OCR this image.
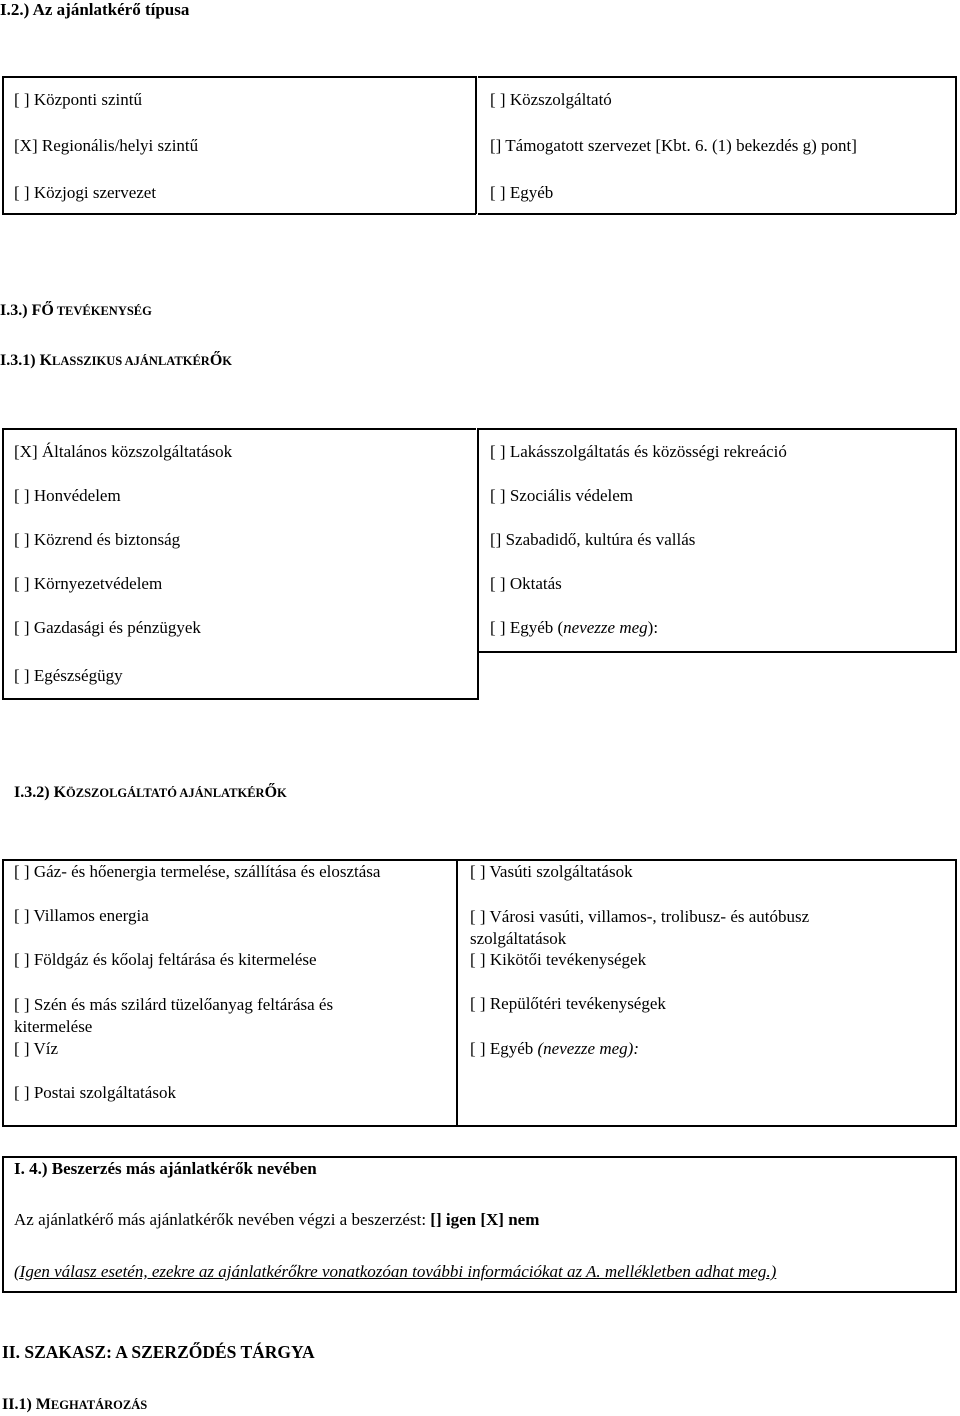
I.2.) Az ajánlatkérő típusa
[ ] Központi szintű
[X] Regionális/helyi szintű
[ ] Közjogi szervezet
[ ] Közszolgáltató
[] Támogatott szervezet [Kbt. 6. (1) bekezdés g) pont]
[ ] Egyéb
I.3.) FŐ TEVÉKENYSÉG
I.3.1) KLASSZIKUS AJÁNLATKÉRŐK
[X] Általános közszolgáltatások
[ ] Honvédelem
[ ] Közrend és biztonság
[ ] Környezetvédelem
[ ] Gazdasági és pénzügyek
[ ] Egészségügy
[ ] Lakásszolgáltatás és közösségi rekreáció
[ ] Szociális védelem
[] Szabadidő, kultúra és vallás
[ ] Oktatás
[ ] Egyéb (nevezze meg):
I.3.2) KÖZSZOLGÁLTATÓ AJÁNLATKÉRŐK
[ ] Gáz- és hőenergia termelése, szállítása és elosztása
[ ] Villamos energia
[ ] Földgáz és kőolaj feltárása és kitermelése
[ ] Szén és más szilárd tüzelőanyag feltárása és kitermelése
[ ] Víz
[ ] Postai szolgáltatások
[ ] Vasúti szolgáltatások
[ ] Városi vasúti, villamos-, trolibusz- és autóbusz szolgáltatások
[ ] Kikötői tevékenységek
[ ] Repülőtéri tevékenységek
[ ] Egyéb (nevezze meg):
I. 4.) Beszerzés más ajánlatkérők nevében
Az ajánlatkérő más ajánlatkérők nevében végzi a beszerzést: [] igen [X] nem
(Igen válasz esetén, ezekre az ajánlatkérőkre vonatkozóan további információkat az A. mellékletben adhat meg.)
II. SZAKASZ: A SZERZŐDÉS TÁRGYA
II.1) MEGHATÁROZÁS
